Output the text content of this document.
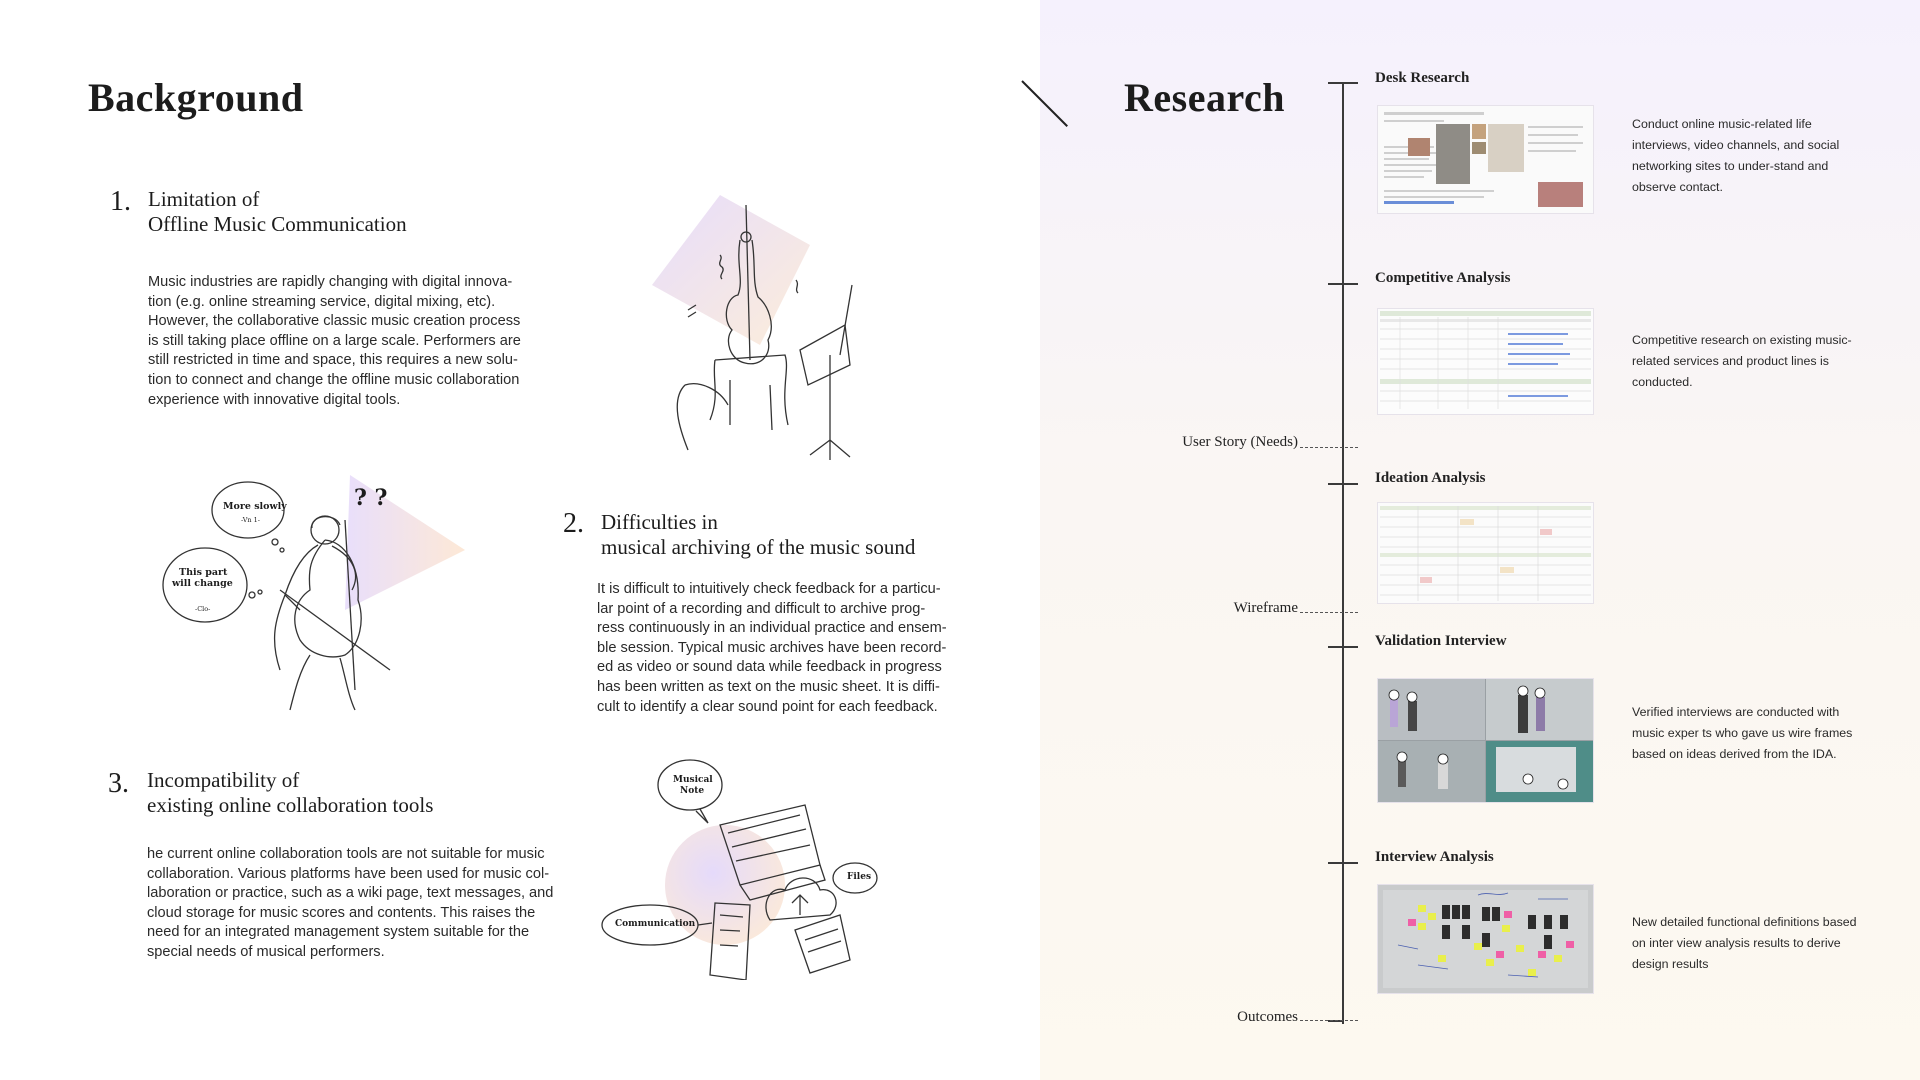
Background
1. Limitation of
Offline Music Communication
Music industries are rapidly changing with digital innova-
tion (e.g. online streaming service, digital mixing, etc).
However, the collaborative classic music creation process
is still taking place offline on a large scale. Performers are
still restricted in time and space, this requires a new solu-
tion to connect and change the offline music collaboration
experience with innovative digital tools.
More slowly
-Vn 1-
This part
will change
-Clo-
? ?
2. Difficulties in
musical archiving of the music sound
It is difficult to intuitively check feedback for a particu-
lar point of a recording and difficult to archive prog-
ress continuously in an individual practice and ensem-
ble session. Typical music archives have been record-
ed as video or sound data while feedback in progress
has been written as text on the music sheet. It is diffi-
cult to identify a clear sound point for each feedback.
3. Incompatibility of
existing online collaboration tools
he current online collaboration tools are not suitable for music
collaboration. Various platforms have been used for music col-
laboration or practice, such as a wiki page, text messages, and
cloud storage for music scores and contents. This raises the
need for an integrated management system suitable for the
special needs of musical performers.
Musical
Note
Files
Communication
Research
User Story (Needs)
Wireframe
Outcomes
Desk Research
Conduct online music-related life interviews, video channels, and social networking sites to under-stand and observe contact.
Competitive Analysis
Competitive research on existing music-related services and product lines is conducted.
Ideation Analysis
Validation Interview
Verified interviews are conducted with music exper ts who gave us wire frames based on ideas derived from the IDA.
Interview Analysis
New detailed functional definitions based on inter view analysis results to derive design results
